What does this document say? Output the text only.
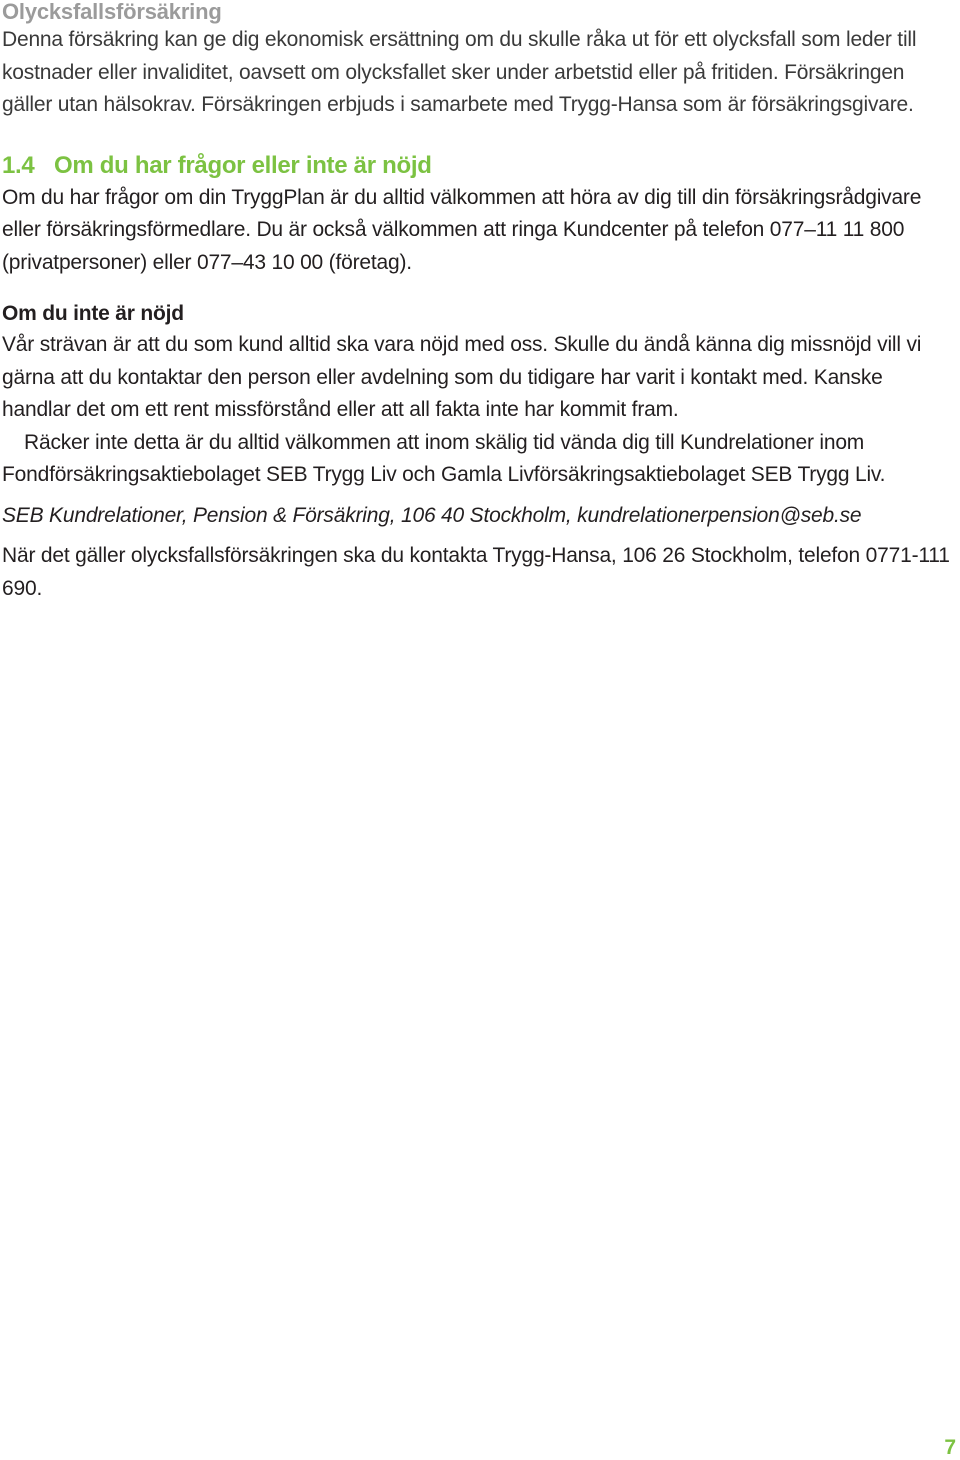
Olycksfallsförsäkring

Denna försäkring kan ge dig ekonomisk ersättning om du skulle råka ut för ett olycksfall som leder till kostnader eller invaliditet, oavsett om olycksfallet sker under arbetstid eller på fritiden. Försäkringen gäller utan hälsokrav. Försäkringen erbjuds i samarbete med Trygg-Hansa som är försäkringsgivare.

1.4 Om du har frågor eller inte är nöjd

Om du har frågor om din TryggPlan är du alltid välkommen att höra av dig till din försäkringsrådgivare eller försäkringsförmedlare. Du är också välkommen att ringa Kundcenter på telefon 077–11 11 800 (privatpersoner) eller 077–43 10 00 (företag).

Om du inte är nöjd

Vår strävan är att du som kund alltid ska vara nöjd med oss. Skulle du ändå känna dig missnöjd vill vi gärna att du kontaktar den person eller avdelning som du tidigare har varit i kontakt med. Kanske handlar det om ett rent missförstånd eller att all fakta inte har kommit fram.

Räcker inte detta är du alltid välkommen att inom skälig tid vända dig till Kundrelationer inom Fondförsäkringsaktiebolaget SEB Trygg Liv och Gamla Livförsäkringsaktiebolaget SEB Trygg Liv.

SEB Kundrelationer, Pension & Försäkring, 106 40 Stockholm, kundrelationerpension@seb.se

När det gäller olycksfallsförsäkringen ska du kontakta Trygg-Hansa, 106 26 Stockholm, telefon 0771-111 690.

7
